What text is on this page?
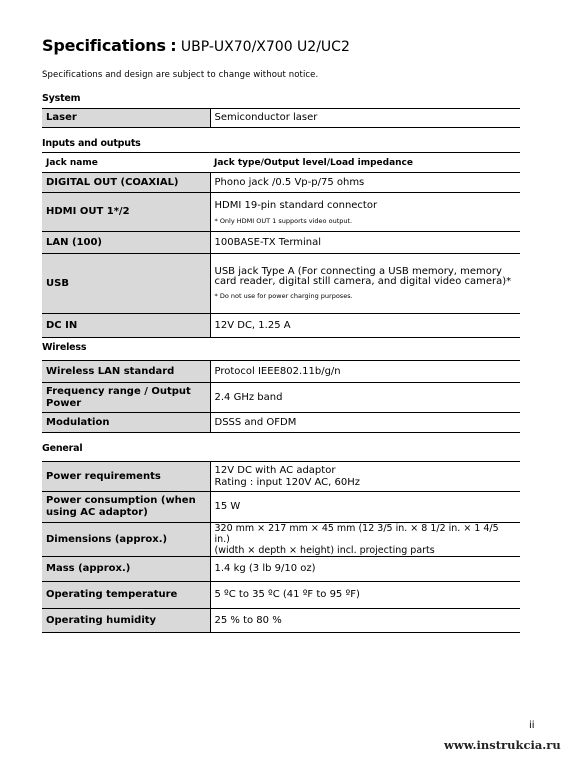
Specifications : UBP-UX70/X700 U2/UC2
Specifications and design are subject to change without notice.
System
Laser	Semiconductor laser
Inputs and outputs
Jack name	Jack type/Output level/Load impedance
DIGITAL OUT (COAXIAL)	Phono jack /0.5 Vp-p/75 ohms
HDMI OUT 1*/2	HDMI 19-pin standard connector
* Only HDMI OUT 1 supports video output.

LAN (100)	100BASE-TX Terminal
USB	USB jack Type A (For connecting a USB memory, memory card reader, digital still camera, and digital video camera)*
* Do not use for power charging purposes.

DC IN	12V DC, 1.25 A
Wireless
Wireless LAN standard	Protocol IEEE802.11b/g/n
Frequency range / Output Power	2.4 GHz band
Modulation	DSSS and OFDM
General
Power requirements	12V DC with AC adaptor
Rating : input 120V AC, 60Hz

Power consumption (when using AC adaptor)	15 W
Dimensions (approx.)	320 mm × 217 mm × 45 mm (12 3/5 in. × 8 1/2 in. × 1 4/5 in.)
(width × depth × height) incl. projecting parts

Mass (approx.)	1.4 kg (3 lb 9/10 oz)
Operating temperature	5 ºC to 35 ºC (41 ºF to 95 ºF)
Operating humidity	25 % to 80 %
ii
www.instrukcia.ru
